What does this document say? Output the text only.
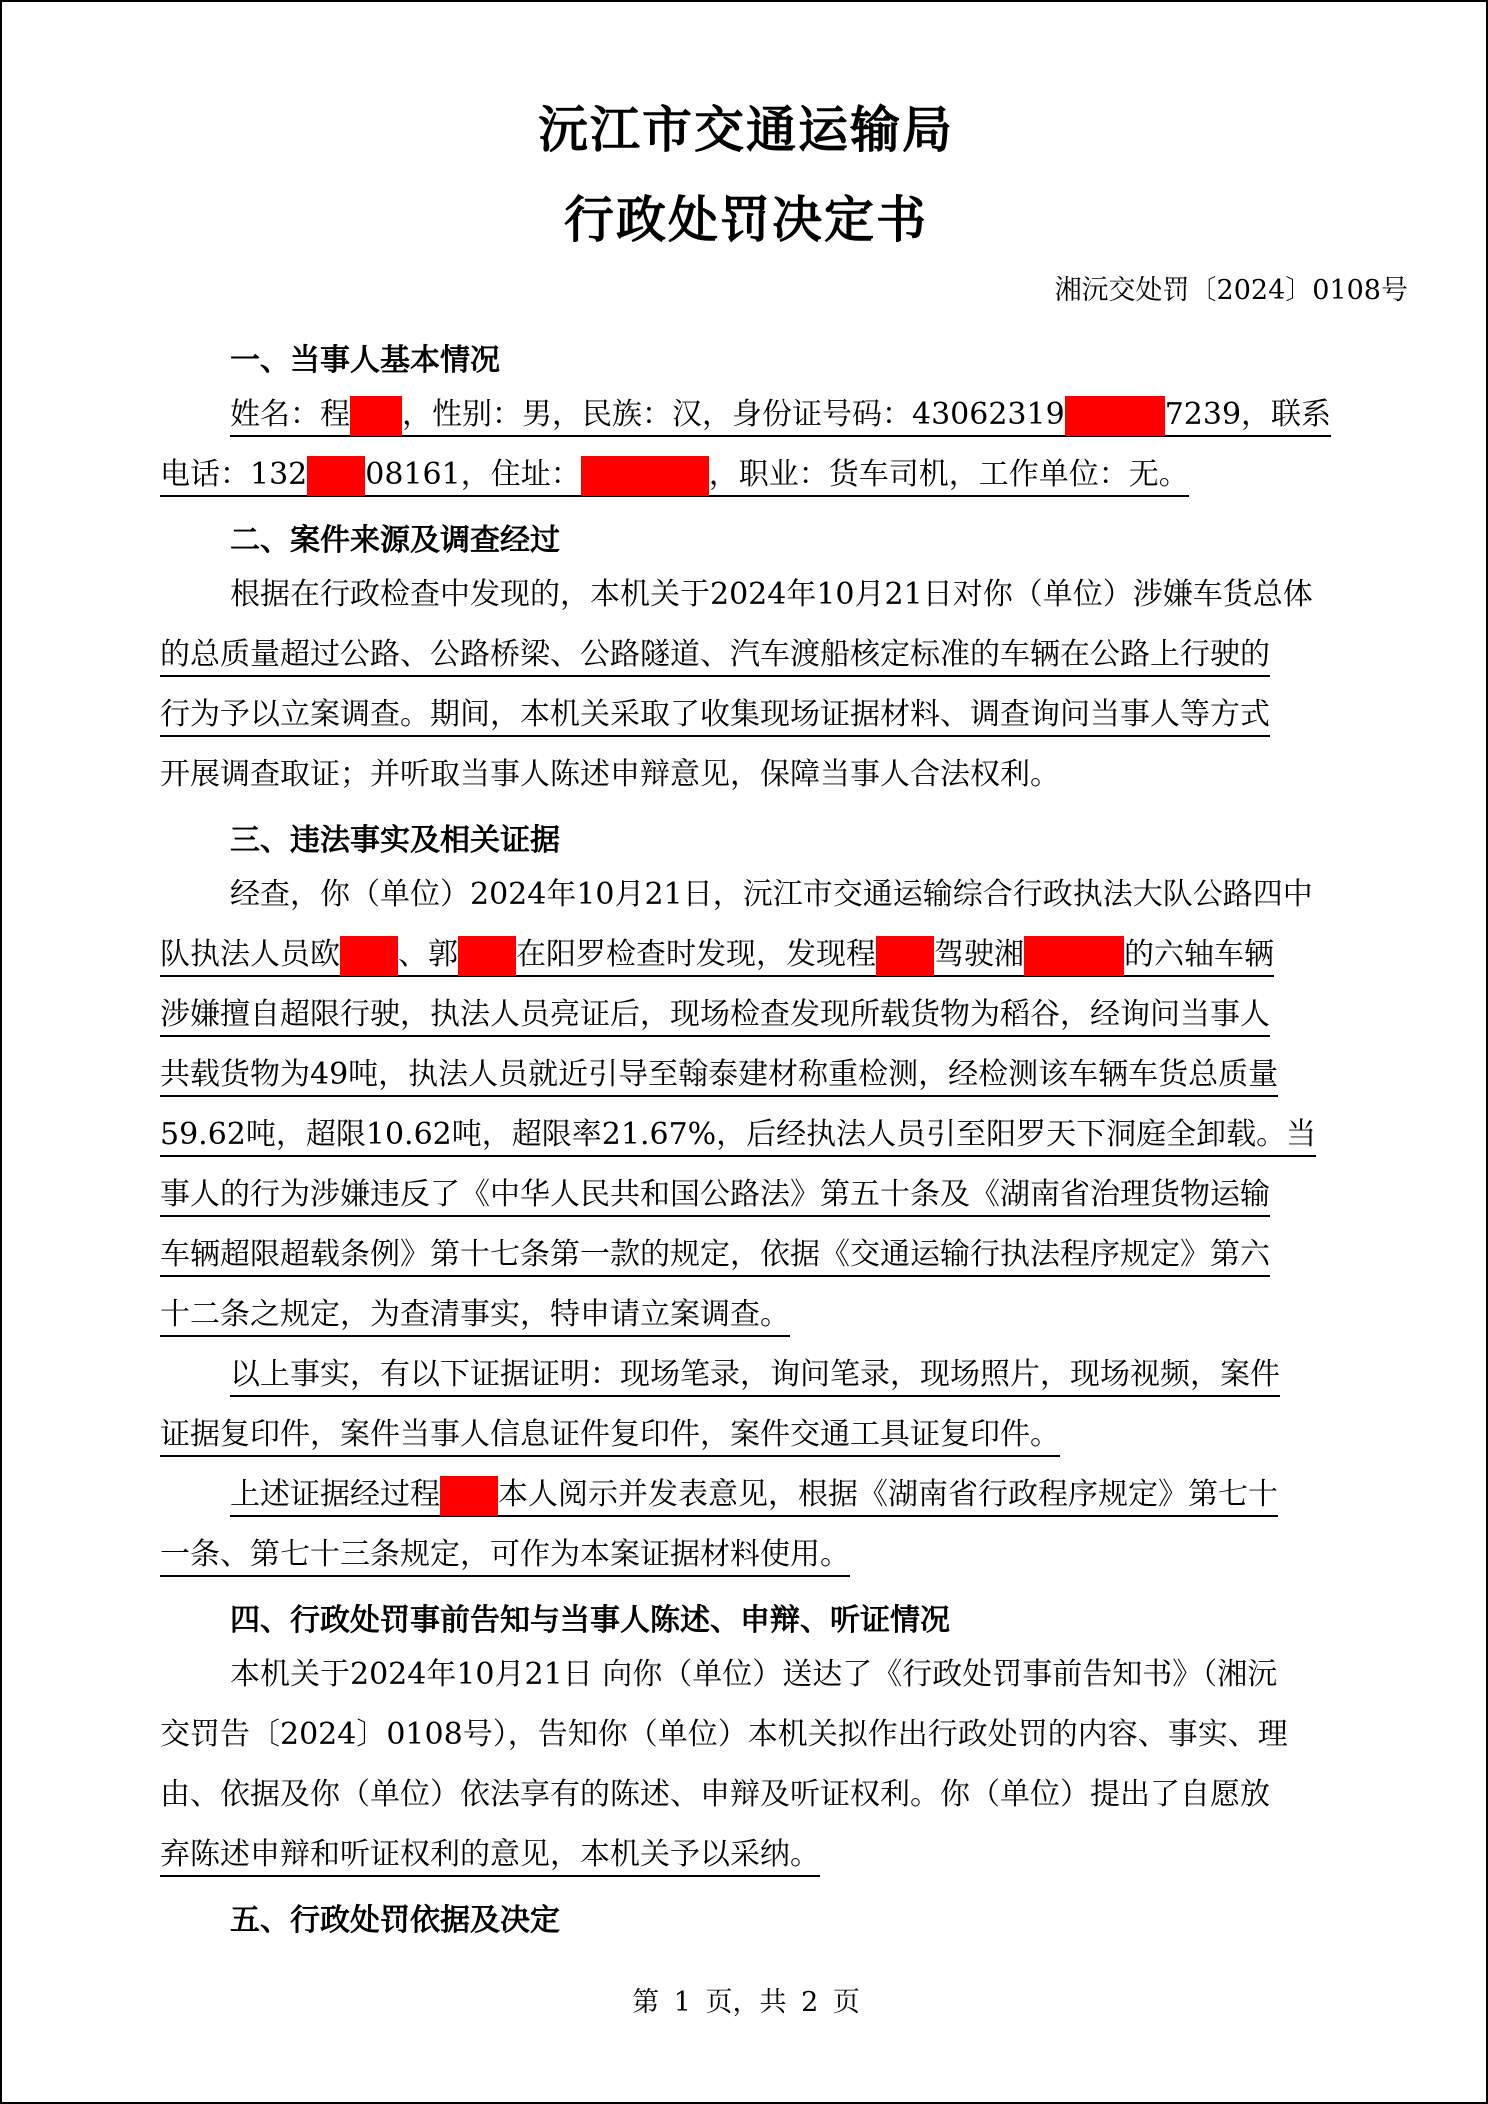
沅江市交通运输局
行政处罚决定书
湘沅交处罚〔2024〕0108号
一、当事人基本情况
姓名：程 ，性别：男，民族：汉，身份证号码：43062319	7239，联系
电话：132 08161，住址：	，职业：货车司机，工作单位：无。
二、案件来源及调查经过
根据在行政检查中发现的，本机关于2024年10月21日对你（单位）涉嫌车货总体
的总质量超过公路、公路桥梁、公路隧道、汽车渡船核定标准的车辆在公路上行驶的
行为予以立案调查。期间，本机关采取了收集现场证据材料、调查询问当事人等方式
开展调查取证；并听取当事人陈述申辩意见，保障当事人合法权利。
三、违法事实及相关证据
经查，你（单位）2024年10月21日，沅江市交通运输综合行政执法大队公路四中
队执法人员欧 、郭 在阳罗检查时发现，发现程 驾驶湘	的六轴车辆
涉嫌擅自超限行驶，执法人员亮证后，现场检查发现所载货物为稻谷，经询问当事人
共载货物为49吨，执法人员就近引导至翰泰建材称重检测，经检测该车辆车货总质量
59.62吨，超限10.62吨，超限率21.67%，后经执法人员引至阳罗天下洞庭全卸载。当
事人的行为涉嫌违反了《中华人民共和国公路法》第五十条及《湖南省治理货物运输
车辆超限超载条例》第十七条第一款的规定，依据《交通运输行执法程序规定》第六
十二条之规定，为查清事实，特申请立案调查。
以上事实，有以下证据证明：现场笔录，询问笔录，现场照片，现场视频，案件
证据复印件，案件当事人信息证件复印件，案件交通工具证复印件。
上述证据经过程 本人阅示并发表意见，根据《湖南省行政程序规定》第七十
一条、第七十三条规定，可作为本案证据材料使用。
四、行政处罚事前告知与当事人陈述、申辩、听证情况
本机关于2024年10月21日 向你（单位）送达了《行政处罚事前告知书》（湘沅
交罚告〔2024〕0108号），告知你（单位）本机关拟作出行政处罚的内容、事实、理
由、依据及你（单位）依法享有的陈述、申辩及听证权利。你（单位）提出了自愿放
弃陈述申辩和听证权利的意见，本机关予以采纳。
五、行政处罚依据及决定
第 1 页，共 2 页
